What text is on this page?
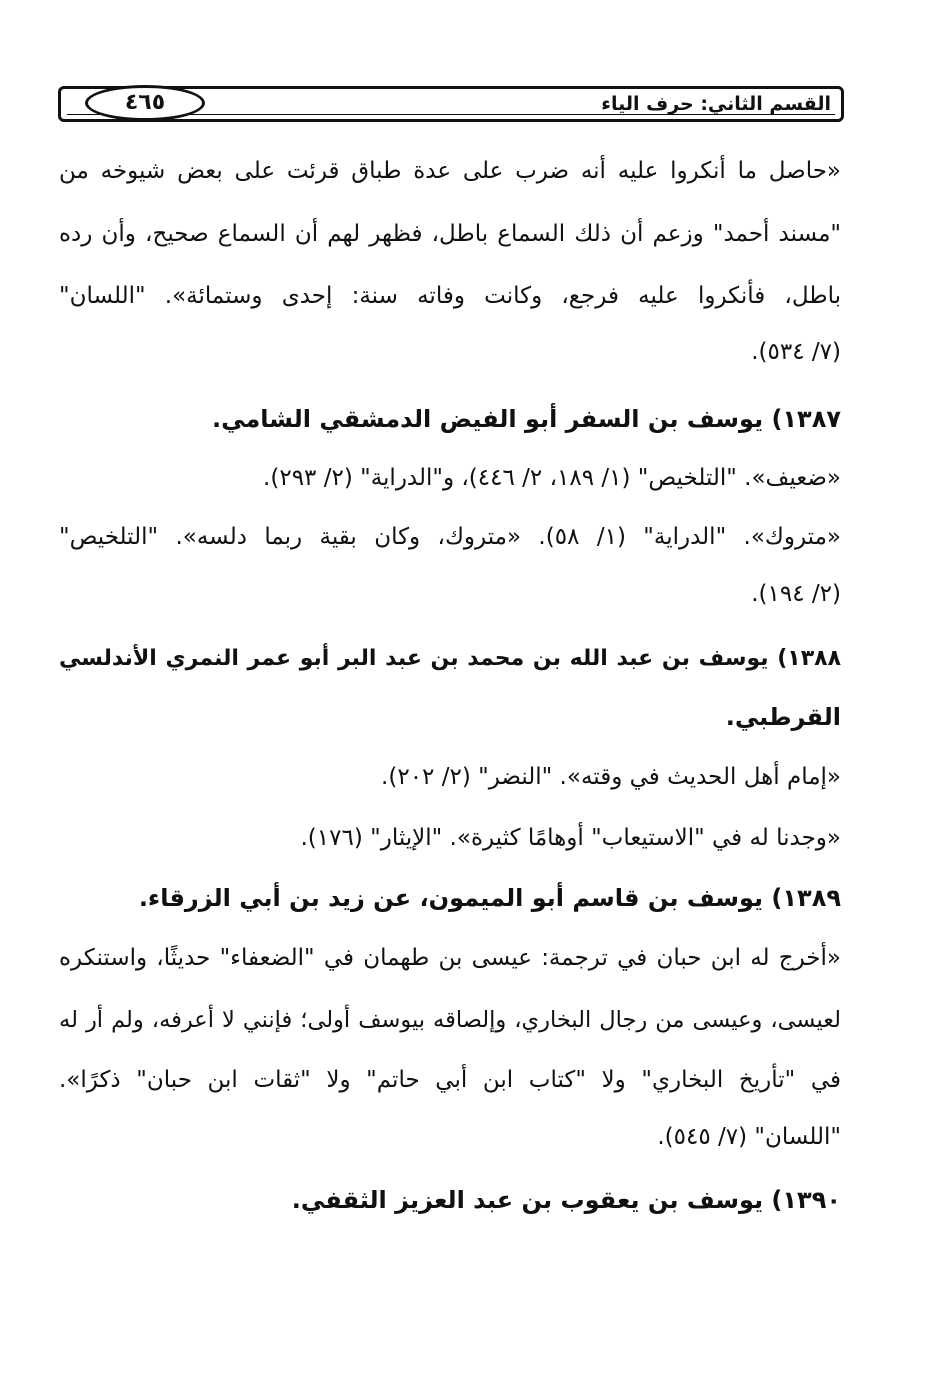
٤٦٥	القسم الثاني: حرف الياء
«حاصل ما أنكروا عليه أنه ضرب على عدة طباق قرئت على بعض شيوخه من
"مسند أحمد" وزعم أن ذلك السماع باطل، فظهر لهم أن السماع صحيح، وأن رده
باطل، فأنكروا عليه فرجع، وكانت وفاته سنة: إحدى وستمائة». "اللسان"
(٧/ ٥٣٤).
١٣٨٧) يوسف بن السفر أبو الفيض الدمشقي الشامي.
«ضعيف». "التلخيص" (١/ ١٨٩، ٢/ ٤٤٦)، و"الدراية" (٢/ ٢٩٣).
«متروك». "الدراية" (١/ ٥٨). «متروك، وكان بقية ربما دلسه». "التلخيص"
(٢/ ١٩٤).
١٣٨٨) يوسف بن عبد الله بن محمد بن عبد البر أبو عمر النمري الأندلسي
القرطبي.
«إمام أهل الحديث في وقته». "النضر" (٢/ ٢٠٢).
«وجدنا له في "الاستيعاب" أوهامًا كثيرة». "الإيثار" (١٧٦).
١٣٨٩) يوسف بن قاسم أبو الميمون، عن زيد بن أبي الزرقاء.
«أخرج له ابن حبان في ترجمة: عيسى بن طهمان في "الضعفاء" حديثًا، واستنكره
لعيسى، وعيسى من رجال البخاري، وإلصاقه بيوسف أولى؛ فإنني لا أعرفه، ولم أر له
في "تأريخ البخاري" ولا "كتاب ابن أبي حاتم" ولا "ثقات ابن حبان" ذكرًا».
"اللسان" (٧/ ٥٤٥).
١٣٩٠) يوسف بن يعقوب بن عبد العزيز الثقفي.
